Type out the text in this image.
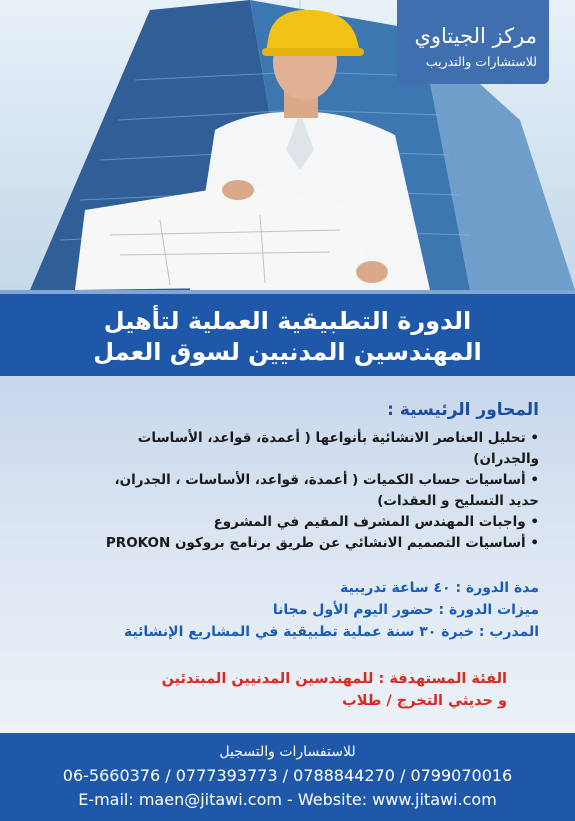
مركز الجيتاوي
للاستشارات والتدريب
الدورة التطبيقية العملية لتأهيل
المهندسين المدنيين لسوق العمل
المحاور الرئيسية :
• تحليل العناصر الانشائية بأنواعها ( أعمدة، قواعد، الأساسات
والجدران)
• أساسيات حساب الكميات ( أعمدة، قواعد، الأساسات ، الجدران،
حديد التسليح و العقدات)
• واجبات المهندس المشرف المقيم في المشروع
• أساسيات التصميم الانشائي عن طريق برنامج بروكون PROKON
مدة الدورة : ٤٠ ساعة تدريبية
ميزات الدورة : حضور اليوم الأول مجانا
المدرب : خبرة ٣٠ سنة عملية تطبيقية في المشاريع الإنشائية
الفئة المستهدفة : للمهندسين المدنيين المبتدئين
و حديثي التخرج / طلاب
للاستفسارات والتسجيل
06-5660376 / 0777393773 / 0788844270 / 0799070016
E-mail: maen@jitawi.com - Website: www.jitawi.com
